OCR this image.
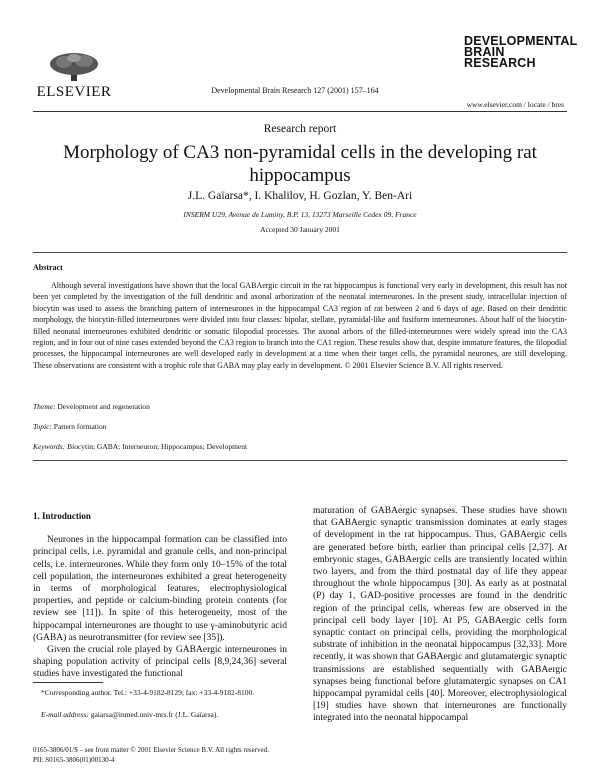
ELSEVIER	Developmental Brain Research 127 (2001) 157–164
DEVELOPMENTAL
BRAIN
RESEARCH
www.elsevier.com / locate / bres
Research report
Morphology of CA3 non-pyramidal cells in the developing rat hippocampus
J.L. Gaïarsa*, I. Khalilov, H. Gozlan, Y. Ben-Ari
INSERM U29, Avenue de Luminy, B.P. 13, 13273 Marseille Cedex 09, France
Accepted 30 January 2001
Abstract
Although several investigations have shown that the local GABAergic circuit in the rat hippocampus is functional very early in development, this result has not been yet completed by the investigation of the full dendritic and axonal arborization of the neonatal interneurones. In the present study, intracellular injection of biocytin was used to assess the branching pattern of interneurones in the hippocampal CA3 region of rat between 2 and 6 days of age. Based on their dendritic morphology, the biocytin-filled interneurones were divided into four classes: bipolar, stellate, pyramidal-like and fusiform interneurones. About half of the biocytin-filled neonatal interneurones exhibited dendritic or somatic filopodial processes. The axonal arbors of the filled-interneurones were widely spread into the CA3 region, and in four out of nine cases extended beyond the CA3 region to branch into the CA1 region. These results show that, despite immature features, the filopodial processes, the hippocampal interneurones are well developed early in development at a time when their target cells, the pyramidal neurones, are still developing. These observations are consistent with a trophic role that GABA may play early in development. © 2001 Elsevier Science B.V. All rights reserved.
Theme: Development and regeneration
Topic: Pattern formation
Keywords: Biocytin; GABA; Interneuron; Hippocampus; Development
1. Introduction

Neurones in the hippocampal formation can be classified into principal cells, i.e. pyramidal and granule cells, and non-principal cells, i.e. interneurones. While they form only 10–15% of the total cell population, the interneurones exhibited a great heterogeneity in terms of morphological features, electrophysiological properties, and peptide or calcium-binding protein contents (for review see [11]). In spite of this heterogeneity, most of the hippocampal interneurones are thought to use γ-aminobutyric acid (GABA) as neurotransmitter (for review see [35]).

Given the crucial role played by GABAergic interneurones in shaping population activity of principal cells [8,9,24,36] several studies have investigated the functional

maturation of GABAergic synapses. These studies have shown that GABAergic synaptic transmission dominates at early stages of development in the rat hippocampus. Thus, GABAergic cells are generated before birth, earlier than principal cells [2,37]. At embryonic stages, GABAergic cells are transiently located within two layers, and from the third postnatal day of life they appear throughout the whole hippocampus [30]. As early as at postnatal (P) day 1, GAD-positive processes are found in the dendritic region of the principal cells, whereas few are observed in the principal cell body layer [10]. At P5, GABAergic cells form synaptic contact on principal cells, providing the morphological substrate of inhibition in the neonatal hippocampus [32,33]. More recently, it was shown that GABAergic and glutamatergic synaptic transmissions are established sequentially with GABAergic synapses being functional before glutamatergic synapses on CA1 hippocampal pyramidal cells [40]. Moreover, electrophysiological [19] studies have shown that interneurones are functionally integrated into the neonatal hippocampal

*Corresponding author. Tel.: +33-4-9182-8129; fax: +33-4-9182-8100.
E-mail address: gaiarsa@inmed.univ-mrs.fr (J.L. Gaïarsa).
0165-3806/01/$ – see front matter © 2001 Elsevier Science B.V. All rights reserved.
PII: S0165-3806(01)00130-4
